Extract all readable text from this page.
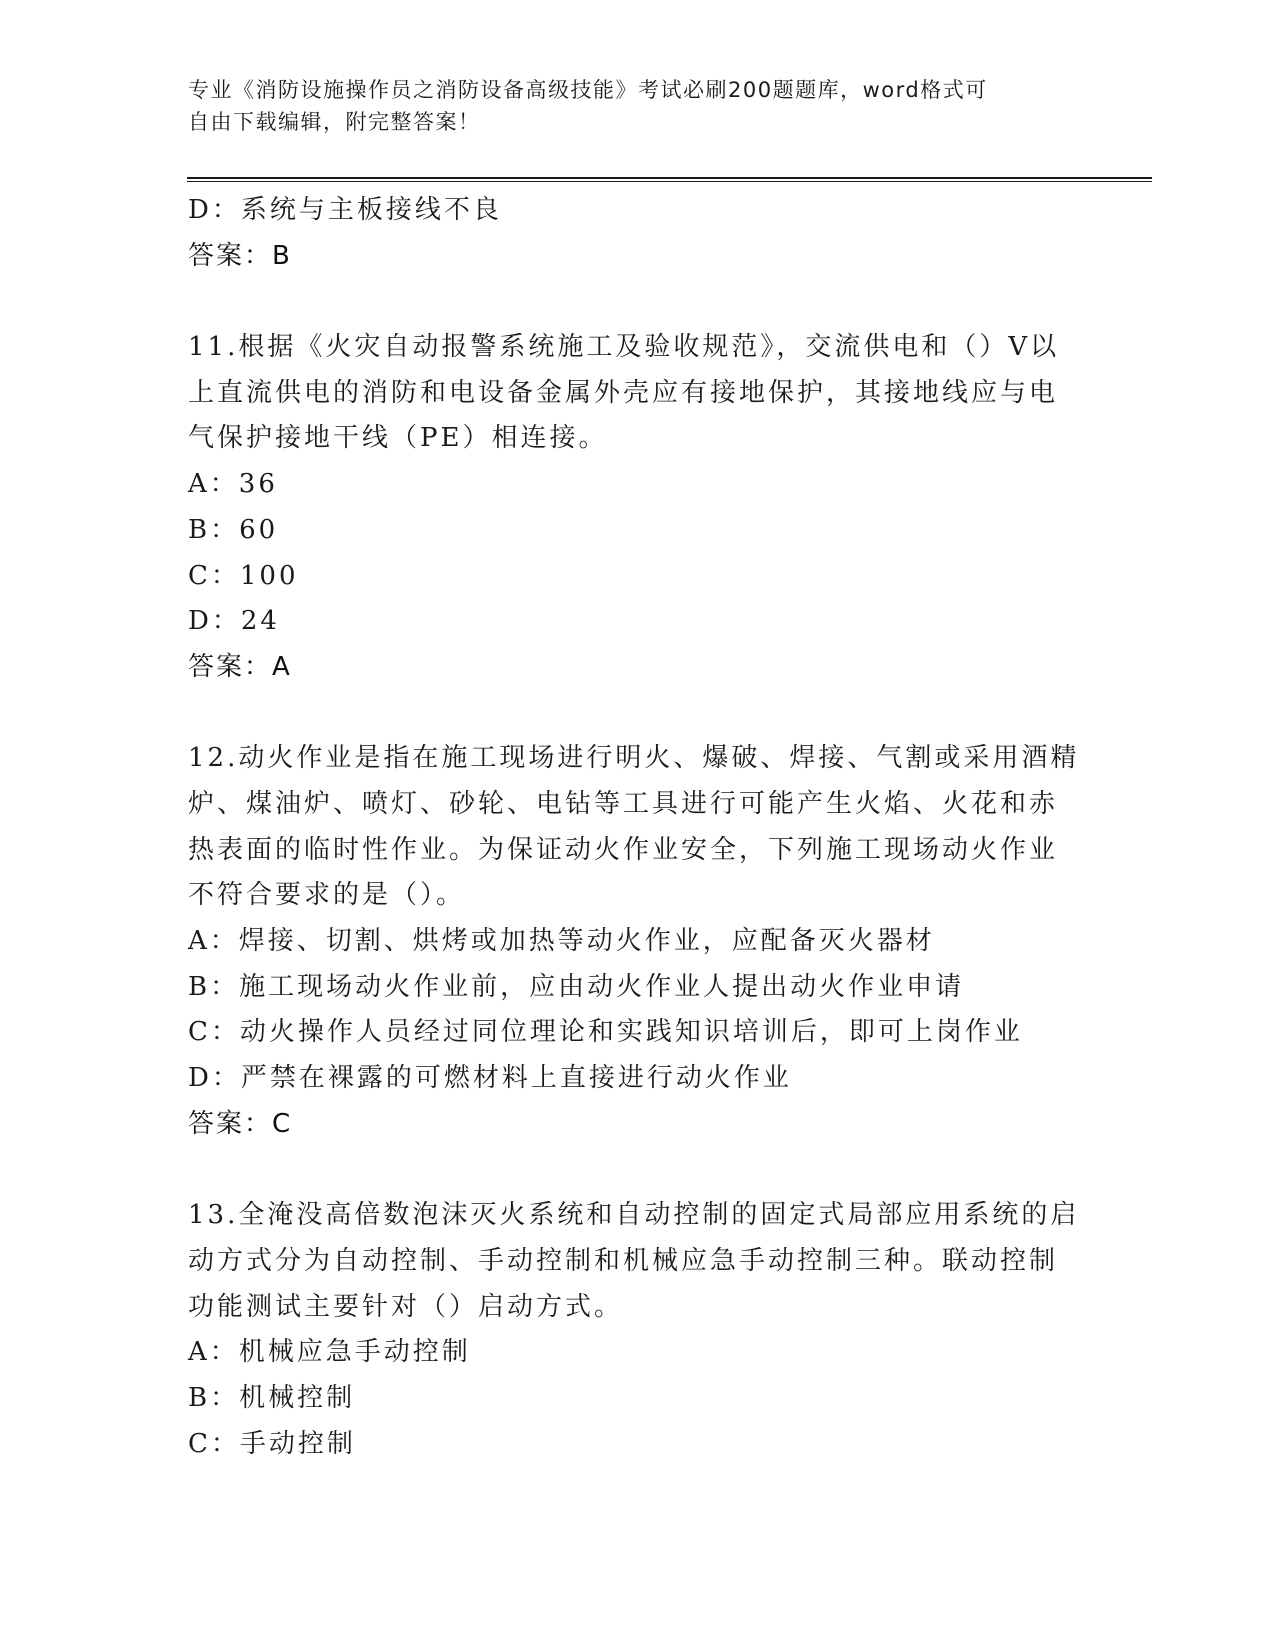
专业《消防设施操作员之消防设备高级技能》考试必刷200题题库，word格式可
自由下载编辑，附完整答案！
D：系统与主板接线不良
答案：B
11.根据《火灾自动报警系统施工及验收规范》，交流供电和（）V以
上直流供电的消防和电设备金属外壳应有接地保护，其接地线应与电
气保护接地干线（PE）相连接。
A：36
B：60
C：100
D：24
答案：A
12.动火作业是指在施工现场进行明火、爆破、焊接、气割或采用酒精
炉、煤油炉、喷灯、砂轮、电钻等工具进行可能产生火焰、火花和赤
热表面的临时性作业。为保证动火作业安全，下列施工现场动火作业
不符合要求的是（）。
A：焊接、切割、烘烤或加热等动火作业，应配备灭火器材
B：施工现场动火作业前，应由动火作业人提出动火作业申请
C：动火操作人员经过同位理论和实践知识培训后，即可上岗作业
D：严禁在裸露的可燃材料上直接进行动火作业
答案：C
13.全淹没高倍数泡沫灭火系统和自动控制的固定式局部应用系统的启
动方式分为自动控制、手动控制和机械应急手动控制三种。联动控制
功能测试主要针对（）启动方式。
A：机械应急手动控制
B：机械控制
C：手动控制
